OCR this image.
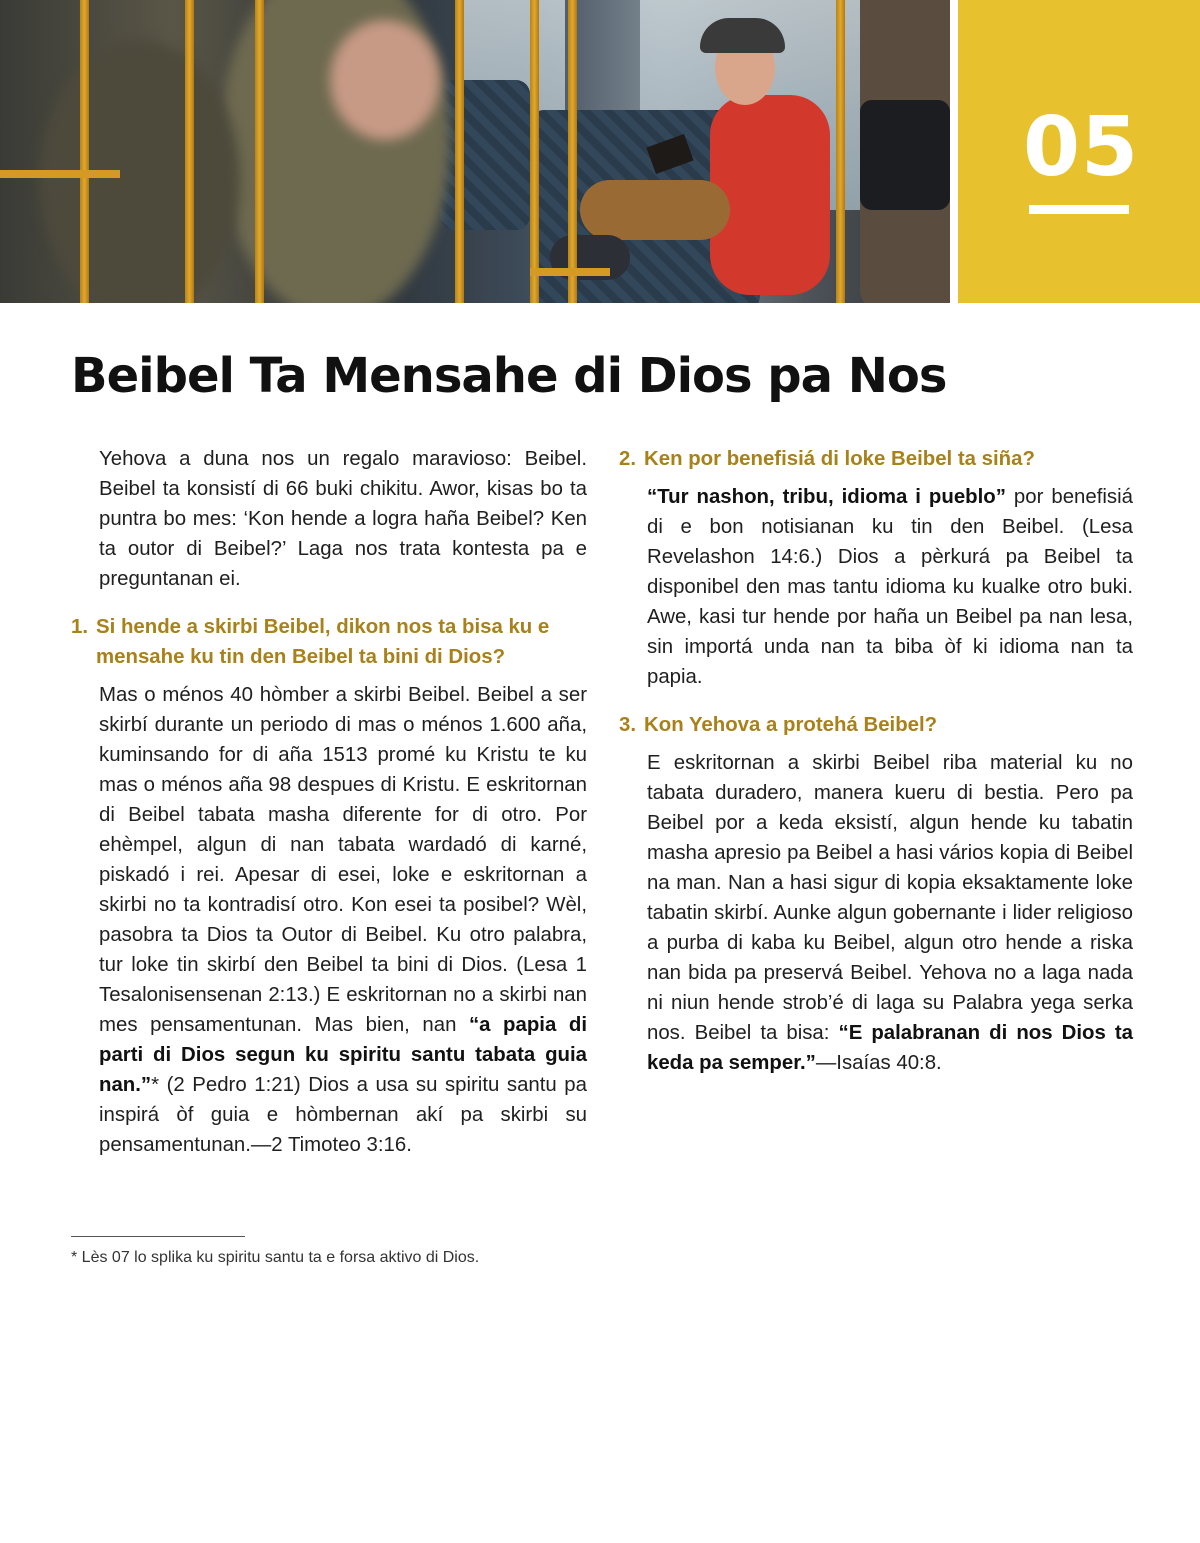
05
Beibel Ta Mensahe di Dios pa Nos

Yehova a duna nos un regalo maravioso: Beibel. Beibel ta konsistí di 66 buki chikitu. Awor, kisas bo ta puntra bo mes: ‘Kon hende a logra haña Beibel? Ken ta outor di Beibel?’ Laga nos trata kontesta pa e preguntanan ei.

1. Si hende a skirbi Beibel, dikon nos ta bisa ku e mensahe ku tin den Beibel ta bini di Dios?

Mas o ménos 40 hòmber a skirbi Beibel. Beibel a ser skirbí durante un periodo di mas o ménos 1.600 aña, kuminsando for di aña 1513 promé ku Kristu te ku mas o ménos aña 98 despues di Kristu. E eskritornan di Beibel tabata masha diferente for di otro. Por ehèmpel, algun di nan tabata wardadó di karné, piskadó i rei. Apesar di esei, loke e eskritornan a skirbi no ta kontradisí otro. Kon esei ta posibel? Wèl, pasobra ta Dios ta Outor di Beibel. Ku otro palabra, tur loke tin skirbí den Beibel ta bini di Dios. (Lesa 1 Tesalonisensenan 2:13.) E eskritornan no a skirbi nan mes pensamentunan. Mas bien, nan “a papia di parti di Dios segun ku spiritu santu tabata guia nan.”* (2 Pedro 1:21) Dios a usa su spiritu santu pa inspirá òf guia e hòmbernan akí pa skirbi su pensamentunan.—2 Timoteo 3:16.

2. Ken por benefisiá di loke Beibel ta siña?

“Tur nashon, tribu, idioma i pueblo” por benefisiá di e bon notisianan ku tin den Beibel. (Lesa Revelashon 14:6.) Dios a pèrkurá pa Beibel ta disponibel den mas tantu idioma ku kualke otro buki. Awe, kasi tur hende por haña un Beibel pa nan lesa, sin importá unda nan ta biba òf ki idioma nan ta papia.

3. Kon Yehova a protehá Beibel?

E eskritornan a skirbi Beibel riba material ku no tabata duradero, manera kueru di bestia. Pero pa Beibel por a keda eksistí, algun hende ku tabatin masha apresio pa Beibel a hasi vários kopia di Beibel na man. Nan a hasi sigur di kopia eksaktamente loke tabatin skirbí. Aunke algun gobernante i lider religioso a purba di kaba ku Beibel, algun otro hende a riska nan bida pa preservá Beibel. Yehova no a laga nada ni niun hende strob’é di laga su Palabra yega serka nos. Beibel ta bisa: “E palabranan di nos Dios ta keda pa semper.”—Isaías 40:8.

* Lès 07 lo splika ku spiritu santu ta e forsa aktivo di Dios.
